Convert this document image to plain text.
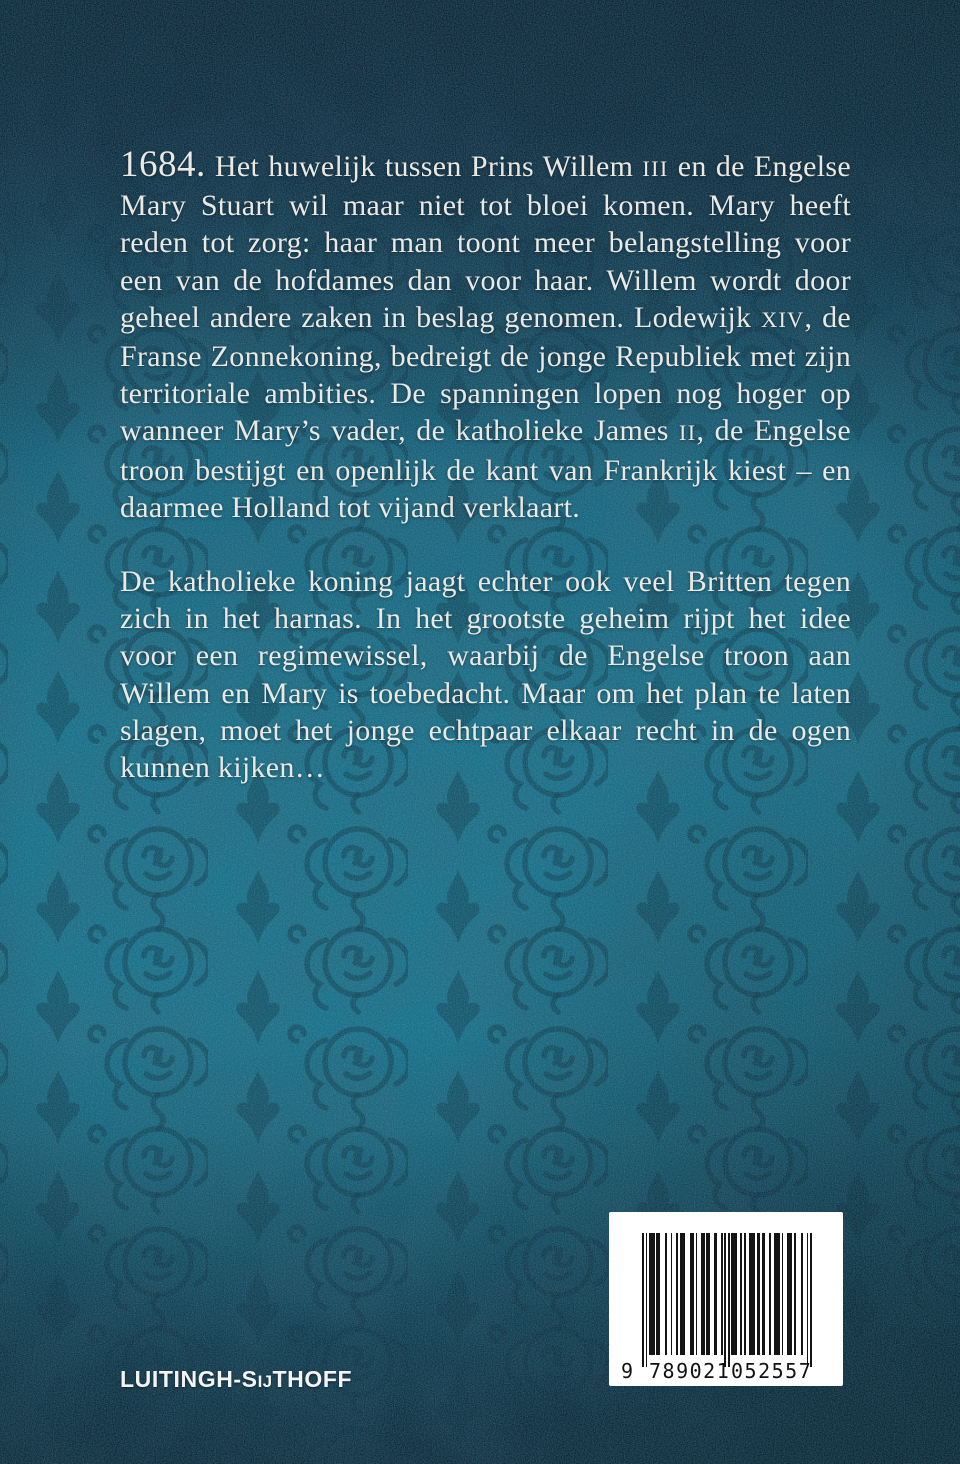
1684. Het huwelijk tussen Prins Willem III en de Engelse Mary Stuart wil maar niet tot bloei komen. Mary heeft reden tot zorg: haar man toont meer belangstelling voor een van de hofdames dan voor haar. Willem wordt door geheel andere zaken in beslag genomen. Lodewijk XIV, de Franse Zonnekoning, bedreigt de jonge Republiek met zijn territoriale ambities. De spanningen lopen nog hoger op wanneer Mary’s vader, de katholieke James II, de Engelse troon bestijgt en openlijk de kant van Frankrijk kiest – en daarmee Holland tot vijand verklaart.

De katholieke koning jaagt echter ook veel Britten tegen zich in het harnas. In het grootste geheim rijpt het idee voor een regimewissel, waarbij de Engelse troon aan Willem en Mary is toebedacht. Maar om het plan te laten slagen, moet het jonge echtpaar elkaar recht in de ogen kunnen kijken…

LUITINGH-SIJTHOFF	9 789021 052557
